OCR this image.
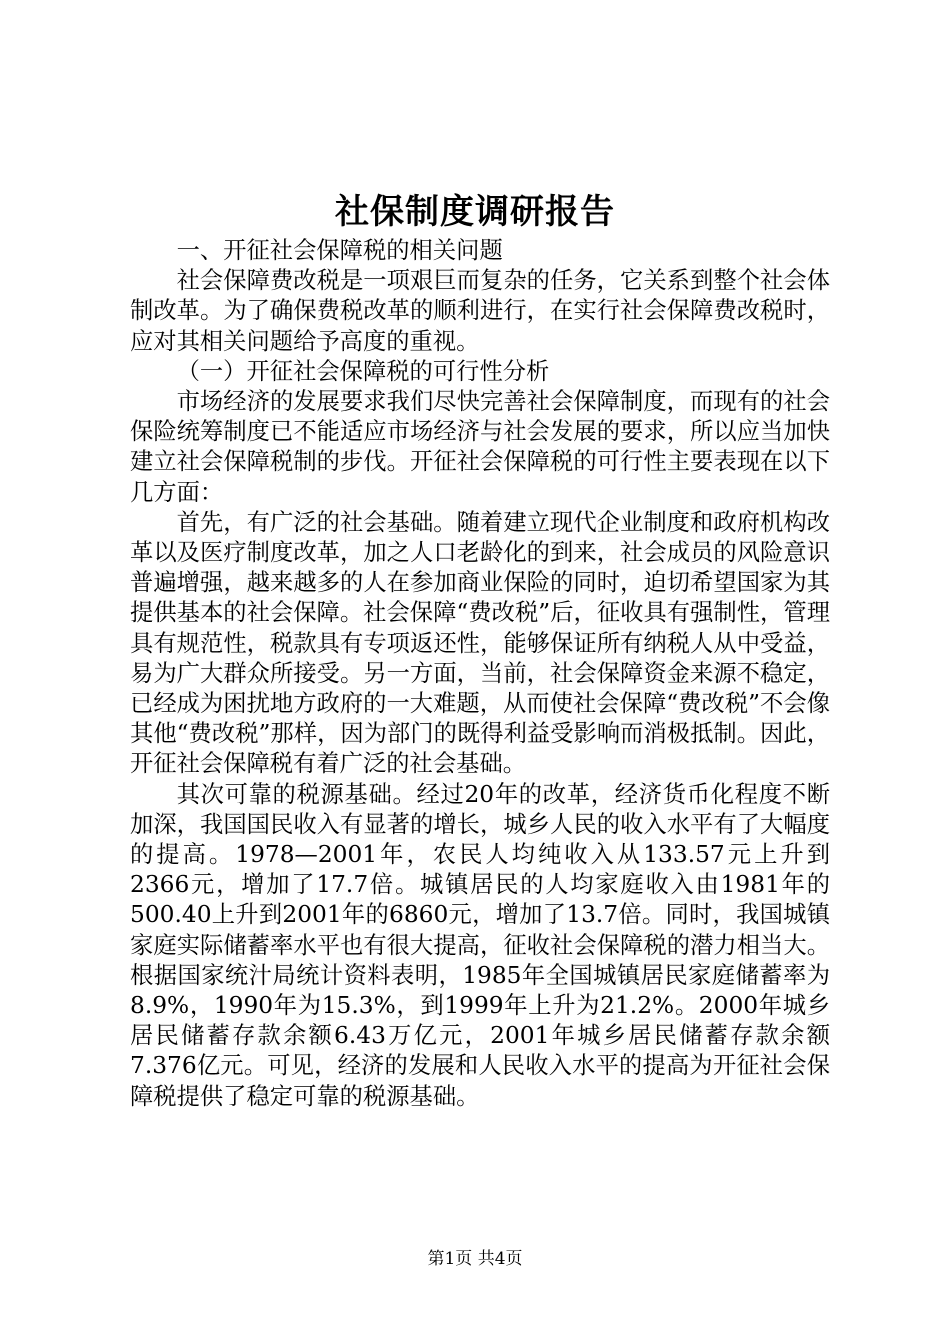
社保制度调研报告

一、开征社会保障税的相关问题

社会保障费改税是一项艰巨而复杂的任务，它关系到整个社会体制改革。为了确保费税改革的顺利进行，在实行社会保障费改税时，应对其相关问题给予高度的重视。

（一）开征社会保障税的可行性分析

市场经济的发展要求我们尽快完善社会保障制度，而现有的社会保险统筹制度已不能适应市场经济与社会发展的要求，所以应当加快建立社会保障税制的步伐。开征社会保障税的可行性主要表现在以下几方面：

首先，有广泛的社会基础。随着建立现代企业制度和政府机构改革以及医疗制度改革，加之人口老龄化的到来，社会成员的风险意识普遍增强，越来越多的人在参加商业保险的同时，迫切希望国家为其提供基本的社会保障。社会保障“费改税”后，征收具有强制性，管理具有规范性，税款具有专项返还性，能够保证所有纳税人从中受益，易为广大群众所接受。另一方面，当前，社会保障资金来源不稳定，已经成为困扰地方政府的一大难题，从而使社会保障“费改税”不会像其他“费改税”那样，因为部门的既得利益受影响而消极抵制。因此，开征社会保障税有着广泛的社会基础。

其次可靠的税源基础。经过20年的改革，经济货币化程度不断加深，我国国民收入有显著的增长，城乡人民的收入水平有了大幅度的提高。1978—2001年，农民人均纯收入从133.57元上升到2366元，增加了17.7倍。城镇居民的人均家庭收入由1981年的500.40上升到2001年的6860元，增加了13.7倍。同时，我国城镇家庭实际储蓄率水平也有很大提高，征收社会保障税的潜力相当大。根据国家统汁局统计资料表明，1985年全国城镇居民家庭储蓄率为8.9%，1990年为15.3%，到1999年上升为21.2%。2000年城乡居民储蓄存款余额6.43万亿元，2001年城乡居民储蓄存款余额7.376亿元。可见，经济的发展和人民收入水平的提高为开征社会保障税提供了稳定可靠的税源基础。

第1页 共4页
